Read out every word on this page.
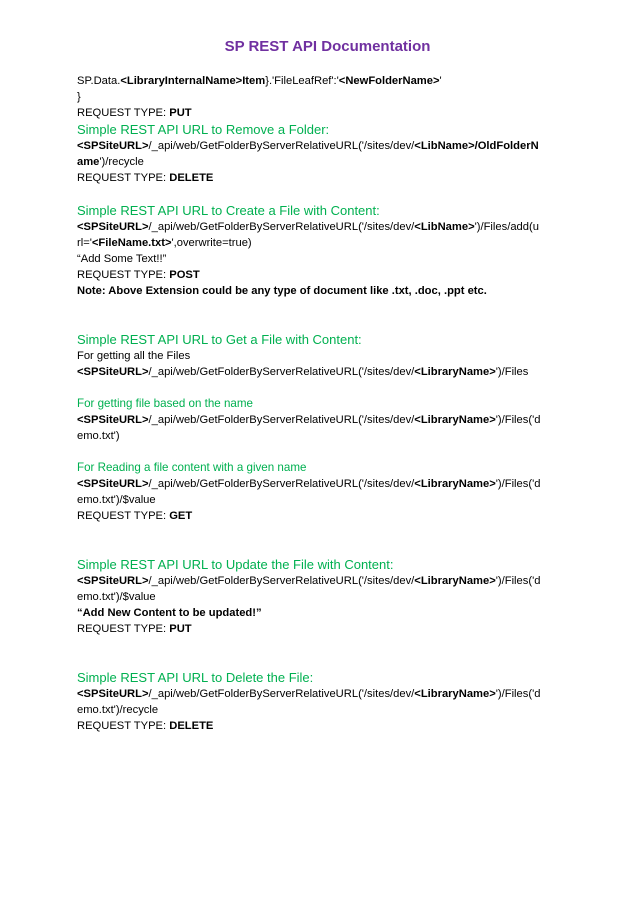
SP REST API Documentation
SP.Data.<LibraryInternalName>Item}.'FileLeafRef':'<NewFolderName>'
}
REQUEST TYPE: PUT
Simple REST API URL to Remove a Folder:
<SPSiteURL>/_api/web/GetFolderByServerRelativeURL('/sites/dev/<LibName>/OldFolderN
ame')/recycle
REQUEST TYPE: DELETE
Simple REST API URL to Create a File with Content:
<SPSiteURL>/_api/web/GetFolderByServerRelativeURL('/sites/dev/<LibName>')/Files/add(u
rl='<FileName.txt>',overwrite=true)
“Add Some Text!!”
REQUEST TYPE: POST
Note: Above Extension could be any type of document like .txt, .doc, .ppt etc.
Simple REST API URL to Get a File with Content:
For getting all the Files
<SPSiteURL>/_api/web/GetFolderByServerRelativeURL('/sites/dev/<LibraryName>')/Files
For getting file based on the name
<SPSiteURL>/_api/web/GetFolderByServerRelativeURL('/sites/dev/<LibraryName>')/Files('d
emo.txt')
For Reading a file content with a given name
<SPSiteURL>/_api/web/GetFolderByServerRelativeURL('/sites/dev/<LibraryName>')/Files('d
emo.txt')/$value
REQUEST TYPE: GET
Simple REST API URL to Update the File with Content:
<SPSiteURL>/_api/web/GetFolderByServerRelativeURL('/sites/dev/<LibraryName>')/Files('d
emo.txt')/$value
“Add New Content to be updated!”
REQUEST TYPE: PUT
Simple REST API URL to Delete the File:
<SPSiteURL>/_api/web/GetFolderByServerRelativeURL('/sites/dev/<LibraryName>')/Files('d
emo.txt')/recycle
REQUEST TYPE: DELETE
